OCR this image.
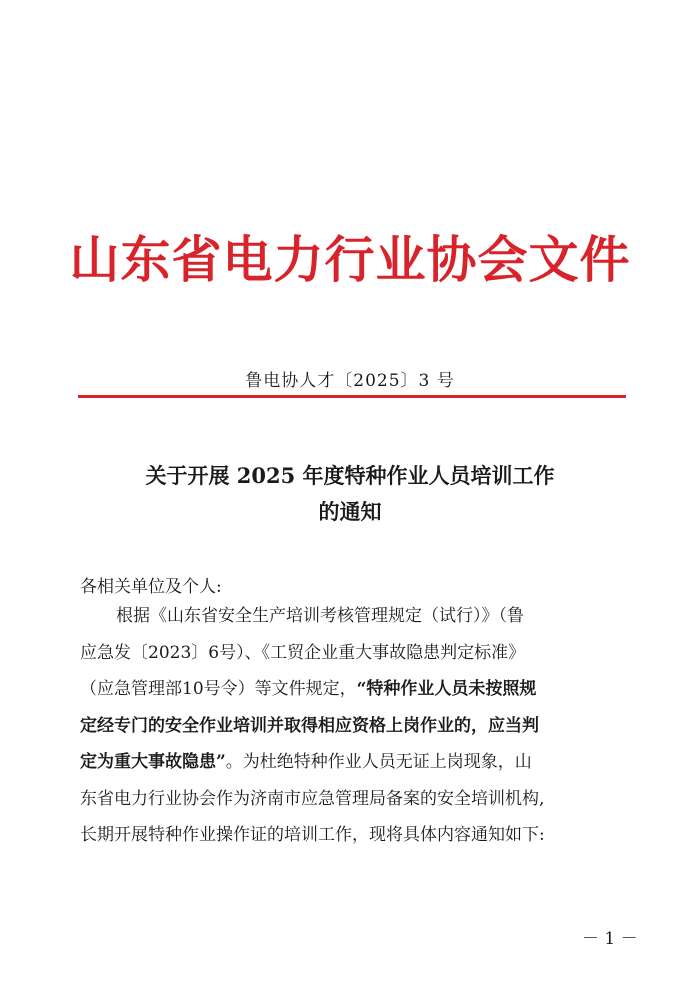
山东省电力行业协会文件
鲁电协人才〔2025〕3 号
关于开展 2025 年度特种作业人员培训工作
的通知
各相关单位及个人:
根据《山东省安全生产培训考核管理规定（试行）》（鲁
应急发〔2023〕6号）、《工贸企业重大事故隐患判定标准》
（应急管理部10号令）等文件规定，“特种作业人员未按照规
定经专门的安全作业培训并取得相应资格上岗作业的，应当判
定为重大事故隐患”。为杜绝特种作业人员无证上岗现象，山
东省电力行业协会作为济南市应急管理局备案的安全培训机构,
长期开展特种作业操作证的培训工作，现将具体内容通知如下:
－ 1 －
